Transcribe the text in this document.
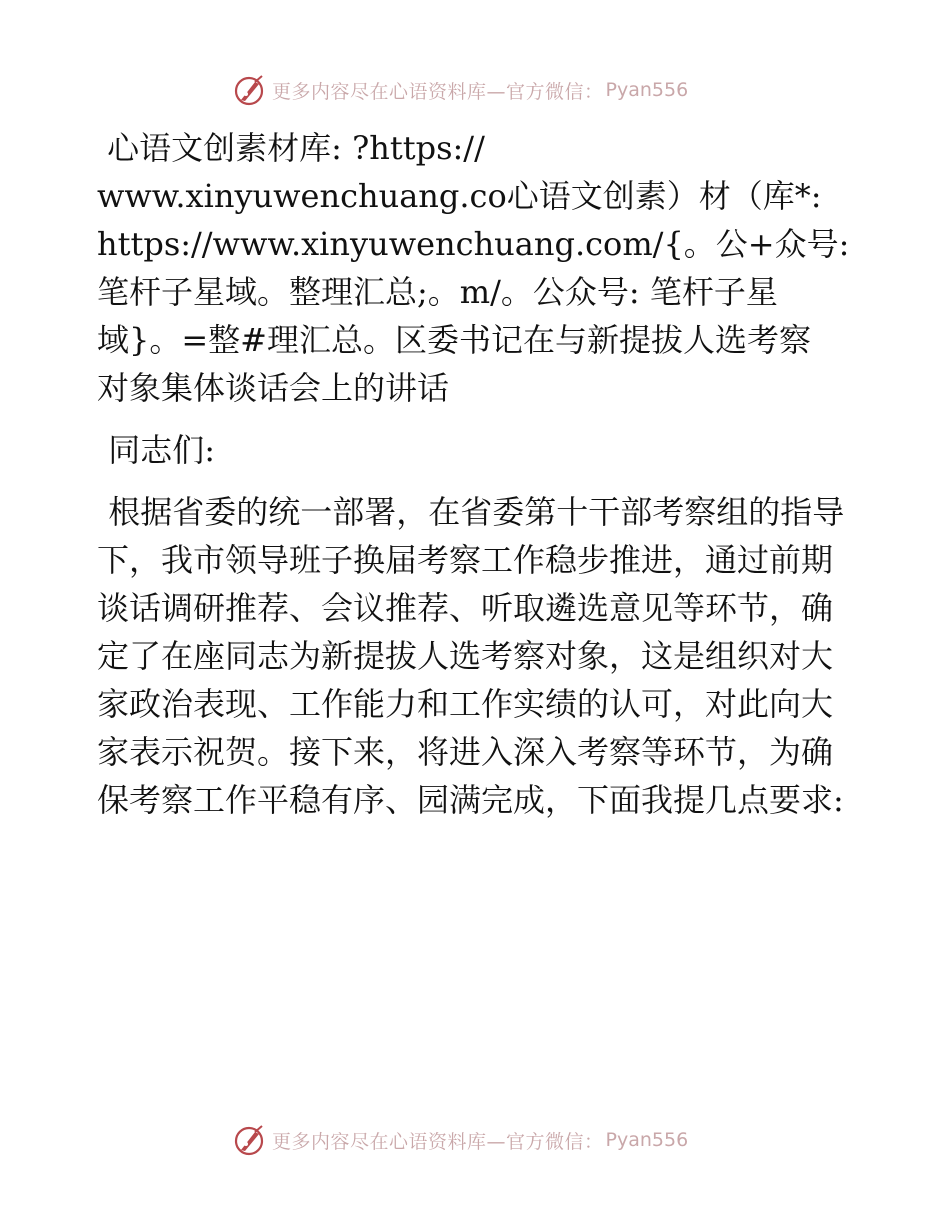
更多内容尽在心语资料库—官方微信： Pyan556
心语文创素材库: ?https://
www.xinyuwenchuang.co心语文创素）材（库*:
https://www.xinyuwenchuang.com/{。公+众号:
笔杆子星域。整理汇总;。m/。公众号: 笔杆子星
域}。=整#理汇总。区委书记在与新提拔人选考察
对象集体谈话会上的讲话

同志们:

根据省委的统一部署，在省委第十干部考察组的指导下，我市领导班子换届考察工作稳步推进，通过前期谈话调研推荐、会议推荐、听取遴选意见等环节，确定了在座同志为新提拔人选考察对象，这是组织对大家政治表现、工作能力和工作实绩的认可，对此向大家表示祝贺。接下来，将进入深入考察等环节，为确保考察工作平稳有序、园满完成，下面我提几点要求:

更多内容尽在心语资料库—官方微信： Pyan556
